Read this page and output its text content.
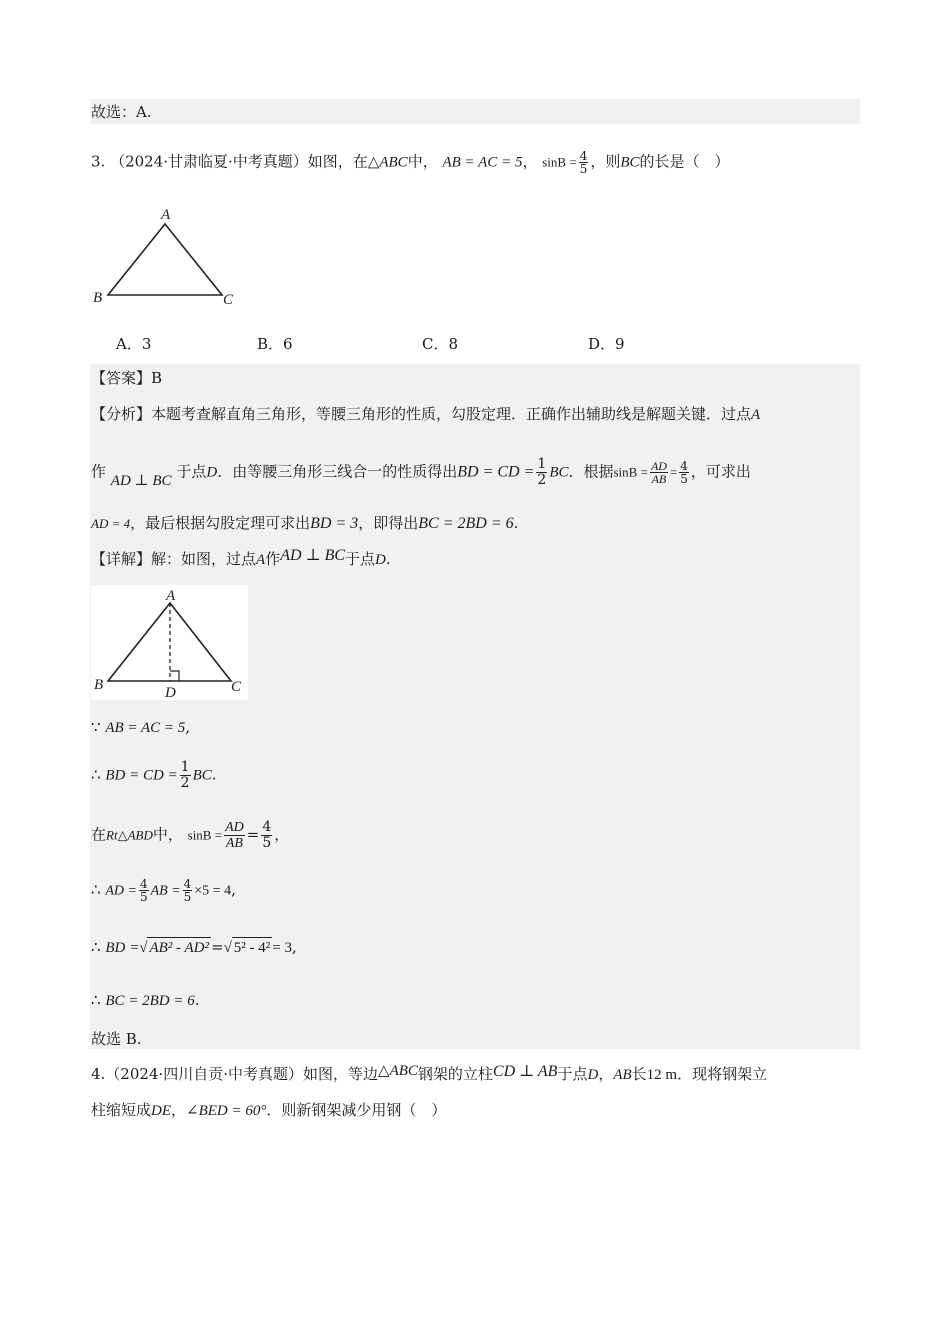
故选：A.
3. （2024·甘肃临夏·中考真题）如图，在△ABC中， AB = AC = 5， $\sin B = \frac{4}{5}$ ，则BC的长是（　）
A
B	C
A．3	B．6	C．8	D．9
【答案】B
【分析】本题考查解直角三角形，等腰三角形的性质，勾股定理．正确作出辅助线是解题关键．过点A
作 AD ⊥ BC 于点D．由等腰三角形三线合一的性质得出BD = CD = $\frac{1}{2}$ BC．根据$\sin B = \frac{AD}{AB} = \frac{4}{5}$ ，可求出
AD = 4，最后根据勾股定理可求出BD = 3，即得出BC = 2BD = 6.
【详解】解：如图，过点A作AD ⊥ BC于点D.
A
B	C
D
∵ AB = AC = 5,
∴ BD = CD = $\frac{1}{2}$ BC.
在Rt△ABD中， $\sin B = \frac{AD}{AB} = \frac{4}{5}$ ，
∴ AD = $\frac{4}{5}$ AB = $\frac{4}{5} \times 5 = 4$,
∴ BD =√ AB² - AD² =√ 5² - 4² = 3,
∴ BC = 2BD = 6.
故选 B.
4.（2024·四川自贡·中考真题）如图，等边△ABC钢架的立柱CD ⊥ AB于点D，AB长12 m．现将钢架立
柱缩短成DE，∠BED = 60°．则新钢架减少用钢（　）
